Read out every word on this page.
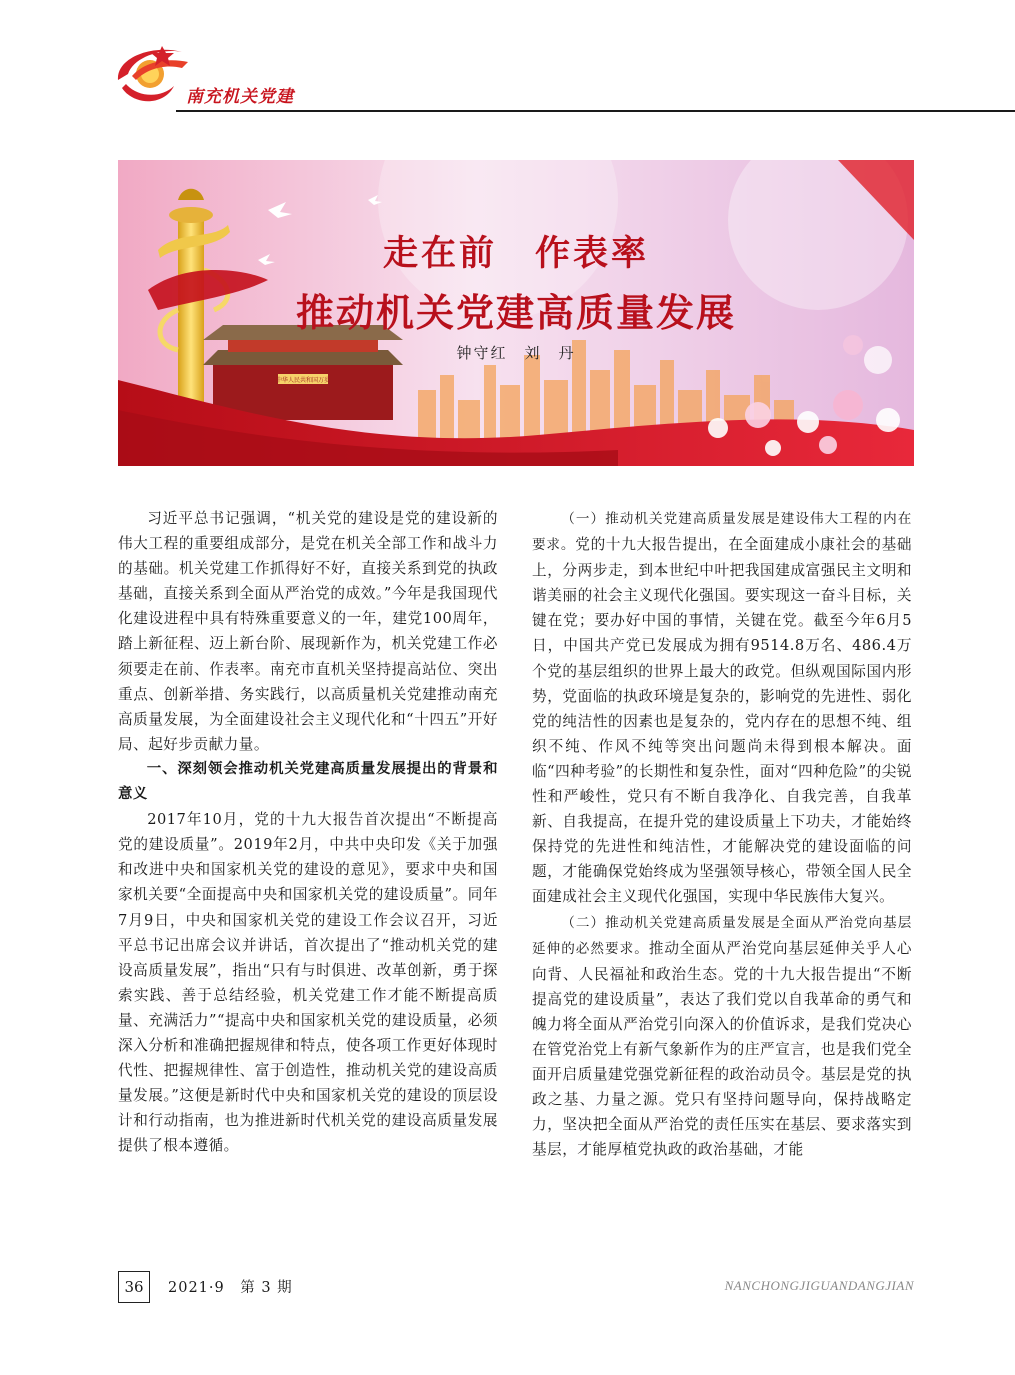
南充机关党建
中华人民共和国万岁
走在前　作表率
推动机关党建高质量发展
钟守红　刘　丹

习近平总书记强调，“机关党的建设是党的建设新的伟大工程的重要组成部分，是党在机关全部工作和战斗力的基础。机关党建工作抓得好不好，直接关系到党的执政基础，直接关系到全面从严治党的成效。”今年是我国现代化建设进程中具有特殊重要意义的一年，建党100周年，踏上新征程、迈上新台阶、展现新作为，机关党建工作必须要走在前、作表率。南充市直机关坚持提高站位、突出重点、创新举措、务实践行，以高质量机关党建推动南充高质量发展，为全面建设社会主义现代化和“十四五”开好局、起好步贡献力量。

一、深刻领会推动机关党建高质量发展提出的背景和意义

2017年10月，党的十九大报告首次提出“不断提高党的建设质量”。2019年2月，中共中央印发《关于加强和改进中央和国家机关党的建设的意见》，要求中央和国家机关要“全面提高中央和国家机关党的建设质量”。同年7月9日，中央和国家机关党的建设工作会议召开，习近平总书记出席会议并讲话，首次提出了“推动机关党的建设高质量发展”，指出“只有与时俱进、改革创新，勇于探索实践、善于总结经验，机关党建工作才能不断提高质量、充满活力”“提高中央和国家机关党的建设质量，必须深入分析和准确把握规律和特点，使各项工作更好体现时代性、把握规律性、富于创造性，推动机关党的建设高质量发展。”这便是新时代中央和国家机关党的建设的顶层设计和行动指南，也为推进新时代机关党的建设高质量发展提供了根本遵循。

（一）推动机关党建高质量发展是建设伟大工程的内在要求。党的十九大报告提出，在全面建成小康社会的基础上，分两步走，到本世纪中叶把我国建成富强民主文明和谐美丽的社会主义现代化强国。要实现这一奋斗目标，关键在党；要办好中国的事情，关键在党。截至今年6月5日，中国共产党已发展成为拥有9514.8万名、486.4万个党的基层组织的世界上最大的政党。但纵观国际国内形势，党面临的执政环境是复杂的，影响党的先进性、弱化党的纯洁性的因素也是复杂的，党内存在的思想不纯、组织不纯、作风不纯等突出问题尚未得到根本解决。面临“四种考验”的长期性和复杂性，面对“四种危险”的尖锐性和严峻性，党只有不断自我净化、自我完善，自我革新、自我提高，在提升党的建设质量上下功夫，才能始终保持党的先进性和纯洁性，才能解决党的建设面临的问题，才能确保党始终成为坚强领导核心，带领全国人民全面建成社会主义现代化强国，实现中华民族伟大复兴。

（二）推动机关党建高质量发展是全面从严治党向基层延伸的必然要求。推动全面从严治党向基层延伸关乎人心向背、人民福祉和政治生态。党的十九大报告提出“不断提高党的建设质量”，表达了我们党以自我革命的勇气和魄力将全面从严治党引向深入的价值诉求，是我们党决心在管党治党上有新气象新作为的庄严宣言，也是我们党全面开启质量建党强党新征程的政治动员令。基层是党的执政之基、力量之源。党只有坚持问题导向，保持战略定力，坚决把全面从严治党的责任压实在基层、要求落实到基层，才能厚植党执政的政治基础，才能

36	2021·9　第 3 期	NANCHONGJIGUANDANGJIAN
